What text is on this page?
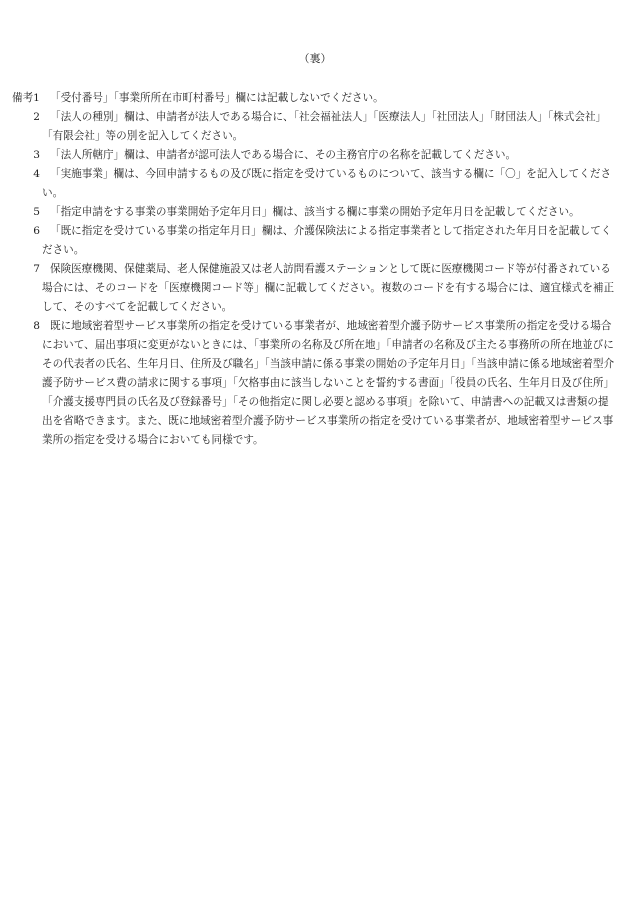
（裏）

備考1 「受付番号」「事業所所在市町村番号」欄には記載しないでください。

2 「法人の種別」欄は、申請者が法人である場合に、「社会福祉法人」「医療法人」「社団法人」「財団法人」「株式会社」「有限会社」等の別を記入してください。

3 「法人所轄庁」欄は、申請者が認可法人である場合に、その主務官庁の名称を記載してください。

4 「実施事業」欄は、今回申請するもの及び既に指定を受けているものについて、該当する欄に「〇」を記入してください。

5 「指定申請をする事業の事業開始予定年月日」欄は、該当する欄に事業の開始予定年月日を記載してください。

6 「既に指定を受けている事業の指定年月日」欄は、介護保険法による指定事業者として指定された年月日を記載してください。

7 保険医療機関、保健薬局、老人保健施設又は老人訪問看護ステーションとして既に医療機関コード等が付番されている場合には、そのコードを「医療機関コード等」欄に記載してください。複数のコードを有する場合には、適宜様式を補正して、そのすべてを記載してください。

8 既に地域密着型サービス事業所の指定を受けている事業者が、地域密着型介護予防サービス事業所の指定を受ける場合において、届出事項に変更がないときには、「事業所の名称及び所在地」「申請者の名称及び主たる事務所の所在地並びにその代表者の氏名、生年月日、住所及び職名」「当該申請に係る事業の開始の予定年月日」「当該申請に係る地域密着型介護予防サービス費の請求に関する事項」「欠格事由に該当しないことを誓約する書面」「役員の氏名、生年月日及び住所」「介護支援専門員の氏名及び登録番号」「その他指定に関し必要と認める事項」を除いて、申請書への記載又は書類の提出を省略できます。また、既に地域密着型介護予防サービス事業所の指定を受けている事業者が、地域密着型サービス事業所の指定を受ける場合においても同様です。
